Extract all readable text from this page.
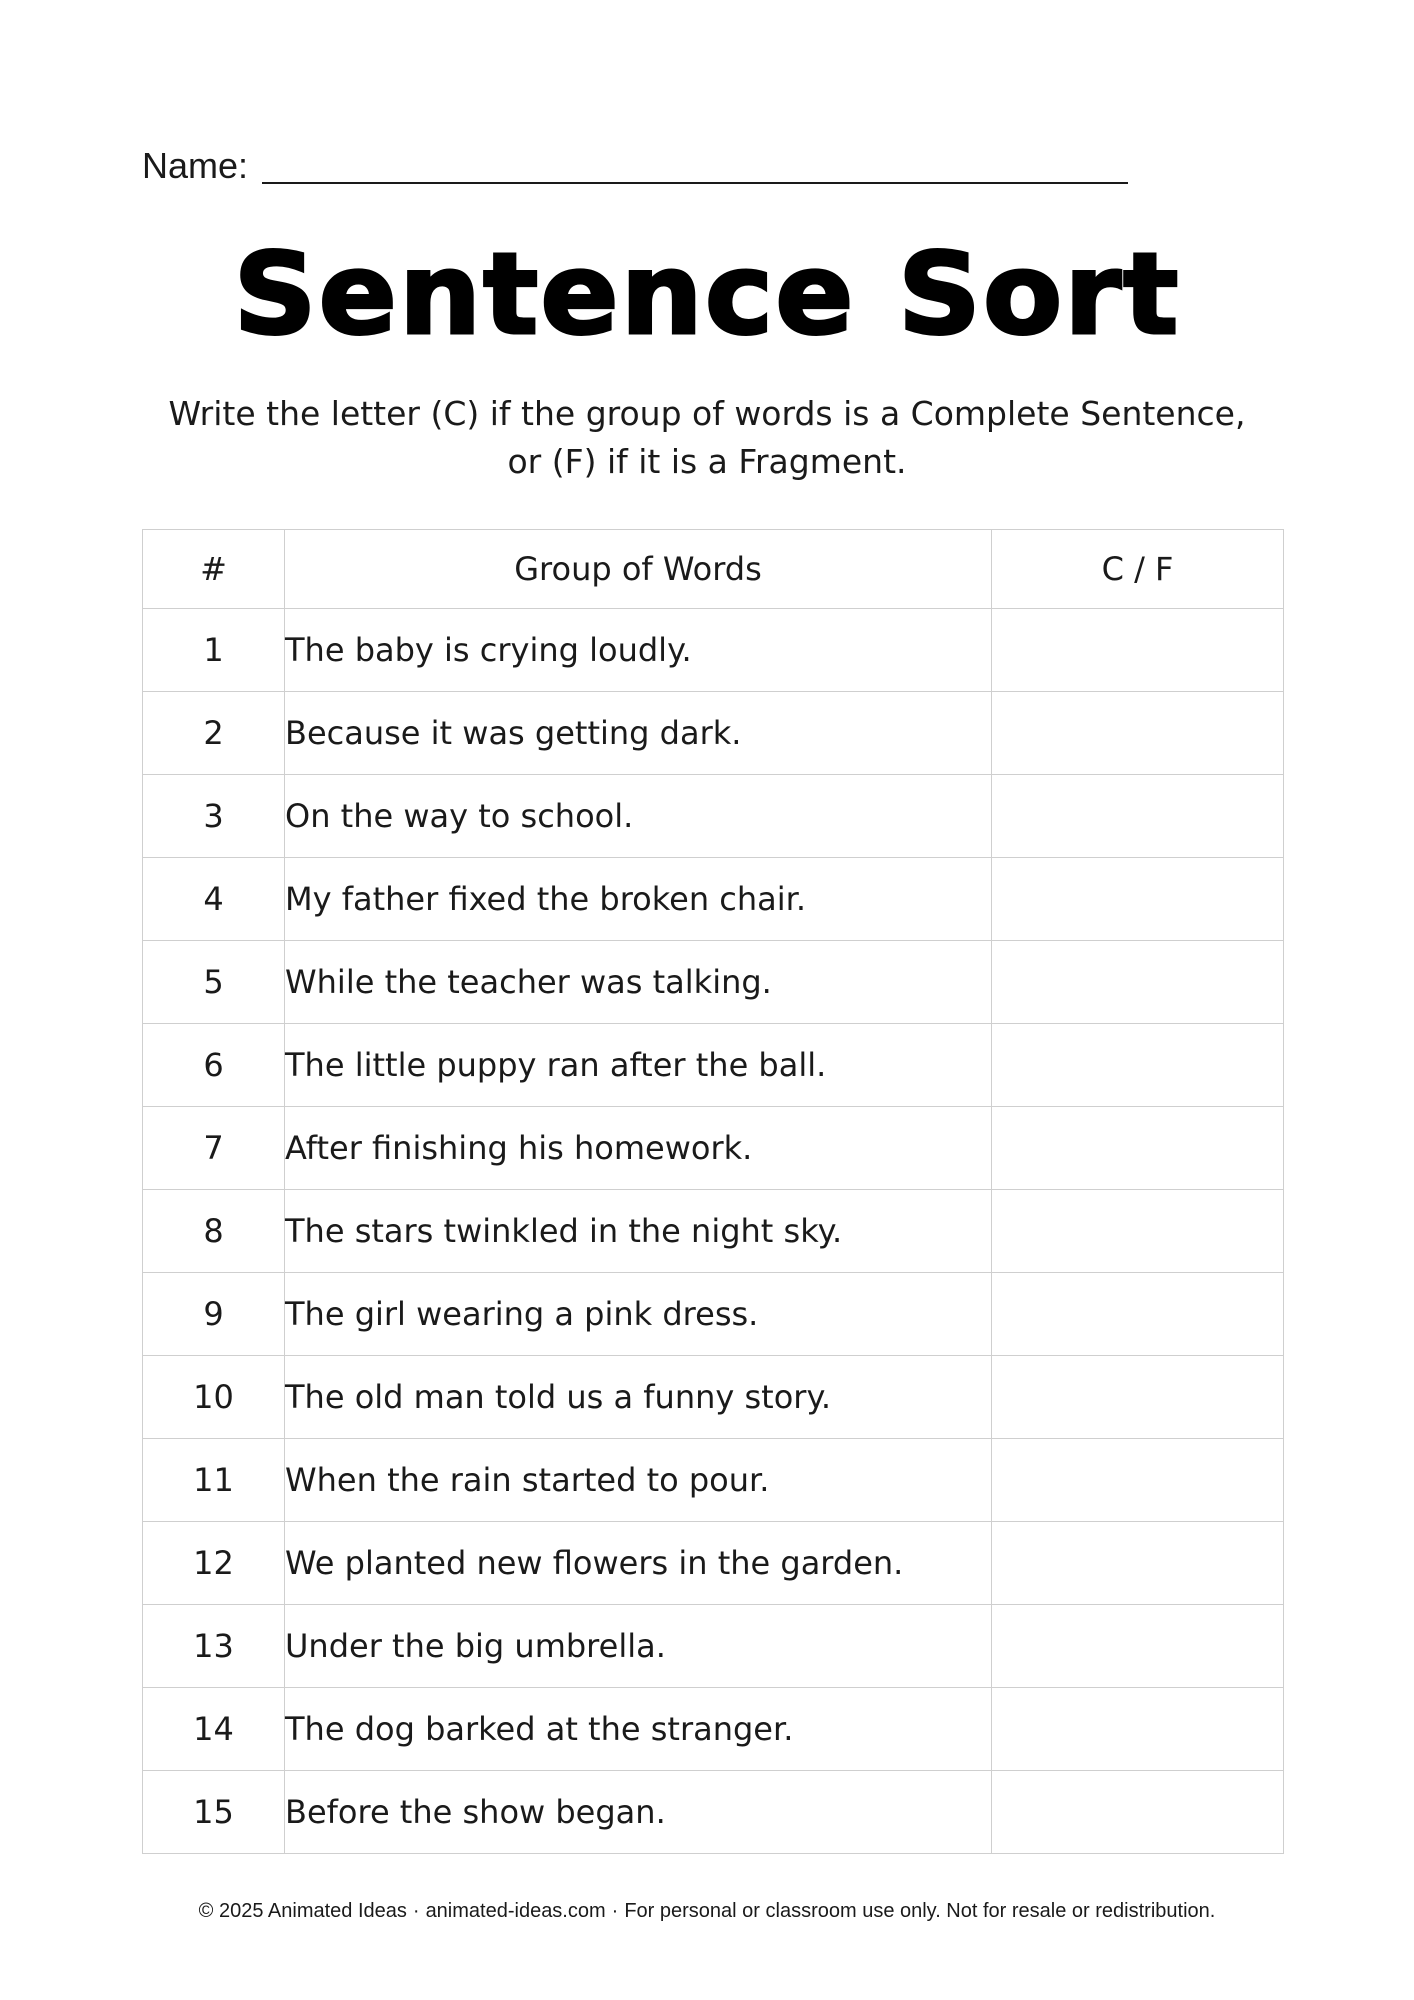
Name:
Sentence Sort
Write the letter (C) if the group of words is a Complete Sentence, or (F) if it is a Fragment.
#	Group of Words	C / F
1	The baby is crying loudly.	
2	Because it was getting dark.	
3	On the way to school.	
4	My father fixed the broken chair.	
5	While the teacher was talking.	
6	The little puppy ran after the ball.	
7	After finishing his homework.	
8	The stars twinkled in the night sky.	
9	The girl wearing a pink dress.	
10	The old man told us a funny story.	
11	When the rain started to pour.	
12	We planted new flowers in the garden.	
13	Under the big umbrella.	
14	The dog barked at the stranger.	
15	Before the show began.	
© 2025 Animated Ideas · animated-ideas.com · For personal or classroom use only. Not for resale or redistribution.
